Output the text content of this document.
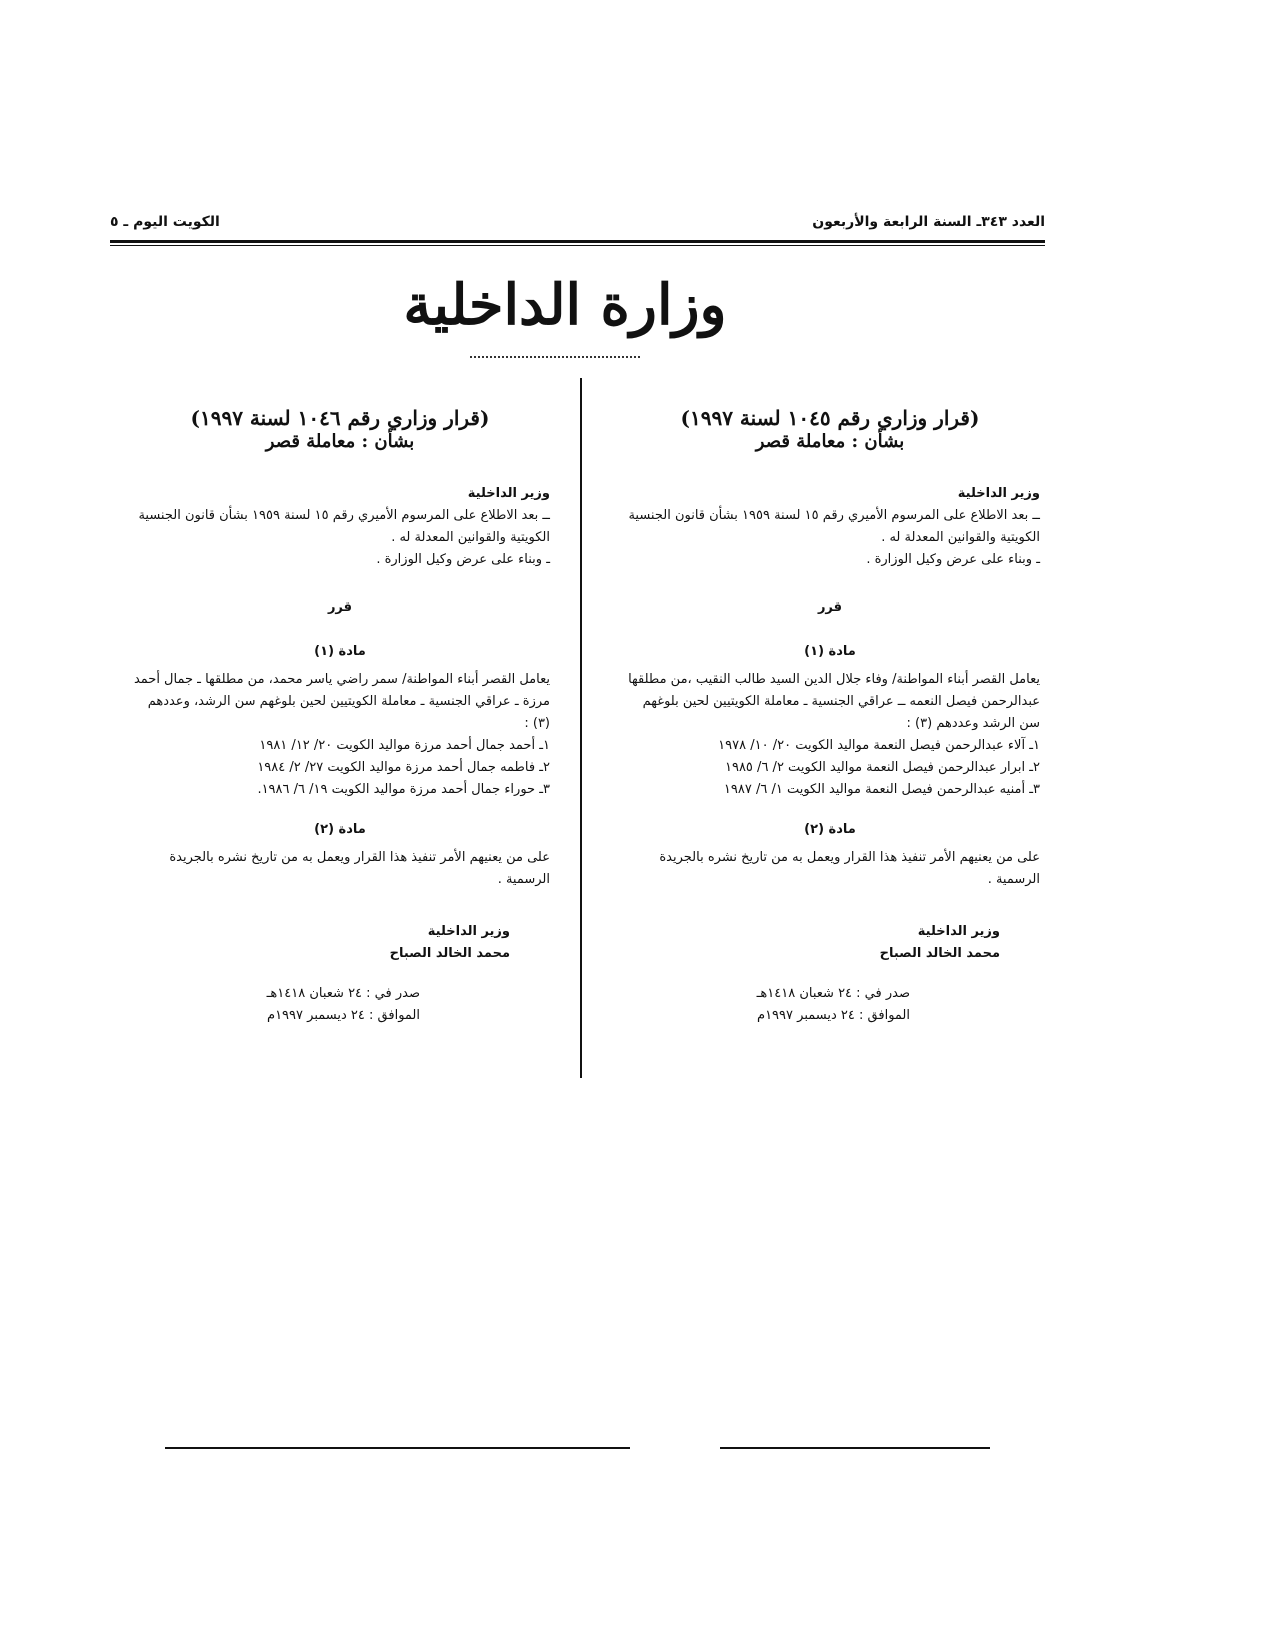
العدد ٣٤٣ـ السنة الرابعة والأربعون
الكويت اليوم ـ ٥
وزارة الداخلية
(قرار وزاري رقم ١٠٤٥ لسنة ١٩٩٧)
بشأن : معاملة قصر
وزير الداخلية

ــ بعد الاطلاع على المرسوم الأميري رقم ١٥ لسنة ١٩٥٩ بشأن قانون الجنسية الكويتية والقوانين المعدلة له .

ـ وبناء على عرض وكيل الوزارة .

قرر
مادة (١)

يعامل القصر أبناء المواطنة/ وفاء جلال الدين السيد طالب النقيب ،من مطلقها عبدالرحمن فيصل النعمه ــ عراقي الجنسية ـ معاملة الكويتيين لحين بلوغهم سن الرشد وعددهم (٣) :

١ـ آلاء عبدالرحمن فيصل النعمة مواليد الكويت ٢٠/ ١٠/ ١٩٧٨

٢ـ ابرار عبدالرحمن فيصل النعمة مواليد الكويت ٢/ ٦/ ١٩٨٥

٣ـ أمنيه عبدالرحمن فيصل النعمة مواليد الكويت ١/ ٦/ ١٩٨٧

مادة (٢)

على من يعنيهم الأمر تنفيذ هذا القرار ويعمل به من تاريخ نشره بالجريدة الرسمية .

وزير الداخلية
محمد الخالد الصباح
صدر في : ٢٤ شعبان ١٤١٨هـ
الموافق : ٢٤ ديسمبر ١٩٩٧م
(قرار وزاري رقم ١٠٤٦ لسنة ١٩٩٧)
بشأن : معاملة قصر
وزير الداخلية

ــ بعد الاطلاع على المرسوم الأميري رقم ١٥ لسنة ١٩٥٩ بشأن قانون الجنسية الكويتية والقوانين المعدلة له .

ـ وبناء على عرض وكيل الوزارة .

قرر
مادة (١)

يعامل القصر أبناء المواطنة/ سمر راضي ياسر محمد، من مطلقها ـ جمال أحمد مرزة ـ عراقي الجنسية ـ معاملة الكويتيين لحين بلوغهم سن الرشد، وعددهم (٣) :

١ـ أحمد جمال أحمد مرزة مواليد الكويت ٢٠/ ١٢/ ١٩٨١

٢ـ فاطمه جمال أحمد مرزة مواليد الكويت ٢٧/ ٢/ ١٩٨٤

٣ـ حوراء جمال أحمد مرزة مواليد الكويت ١٩/ ٦/ ١٩٨٦.

مادة (٢)

على من يعنيهم الأمر تنفيذ هذا القرار ويعمل به من تاريخ نشره بالجريدة الرسمية .

وزير الداخلية
محمد الخالد الصباح
صدر في : ٢٤ شعبان ١٤١٨هـ
الموافق : ٢٤ ديسمبر ١٩٩٧م
